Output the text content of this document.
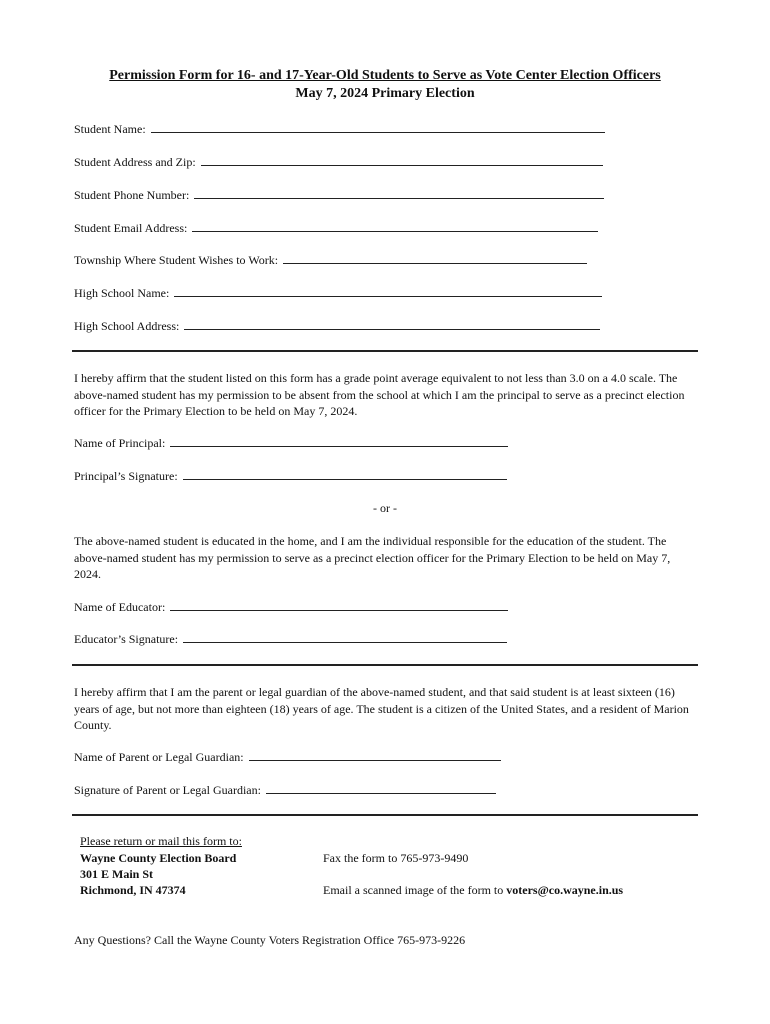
Permission Form for 16- and 17-Year-Old Students to Serve as Vote Center Election Officers
May 7, 2024 Primary Election
Student Name:
Student Address and Zip:
Student Phone Number:
Student Email Address:
Township Where Student Wishes to Work:
High School Name:
High School Address:
I hereby affirm that the student listed on this form has a grade point average equivalent to not less than 3.0 on a 4.0 scale. The above-named student has my permission to be absent from the school at which I am the principal to serve as a precinct election officer for the Primary Election to be held on May 7, 2024.
Name of Principal:
Principal’s Signature:
- or -
The above-named student is educated in the home, and I am the individual responsible for the education of the student. The above-named student has my permission to serve as a precinct election officer for the Primary Election to be held on May 7, 2024.
Name of Educator:
Educator’s Signature:
I hereby affirm that I am the parent or legal guardian of the above-named student, and that said student is at least sixteen (16) years of age, but not more than eighteen (18) years of age. The student is a citizen of the United States, and a resident of Marion County.
Name of Parent or Legal Guardian:
Signature of Parent or Legal Guardian:
Please return or mail this form to:
Wayne County Election Board
301 E Main St
Richmond, IN 47374
Fax the form to 765-973-9490
Email a scanned image of the form to voters@co.wayne.in.us
Any Questions? Call the Wayne County Voters Registration Office 765-973-9226
